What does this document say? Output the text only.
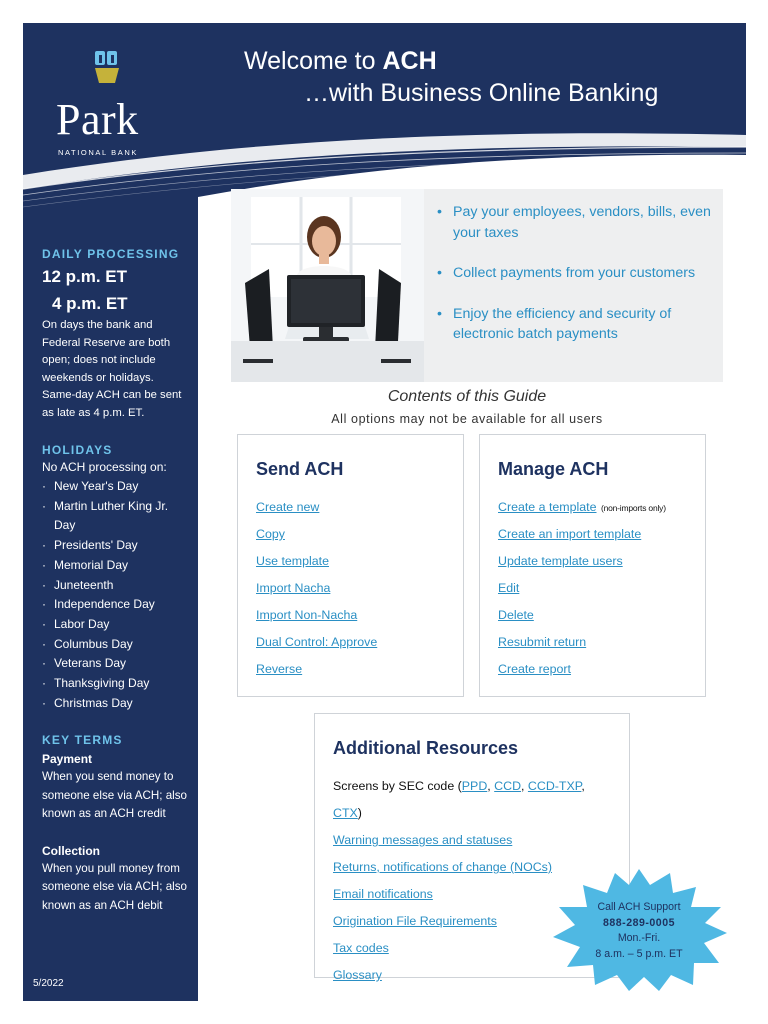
Park
NATIONAL BANK
Welcome to ACH
…with Business Online Banking
DAILY PROCESSING
12 p.m. ET
4 p.m. ET
On days the bank and Federal Reserve are both open; does not include weekends or holidays. Same-day ACH can be sent as late as 4 p.m. ET.
HOLIDAYS
No ACH processing on:
· New Year's Day
· Martin Luther King Jr. Day
· Presidents' Day
· Memorial Day
· Juneteenth
· Independence Day
· Labor Day
· Columbus Day
· Veterans Day
· Thanksgiving Day
· Christmas Day
KEY TERMS
Payment
When you send money to someone else via ACH; also known as an ACH credit
Collection
When you pull money from someone else via ACH; also known as an ACH debit
5/2022
• Pay your employees, vendors, bills, even your taxes
• Collect payments from your customers
• Enjoy the efficiency and security of electronic batch payments
Contents of this Guide
All options may not be available for all users
Send ACH
Create new
Copy
Use template
Import Nacha
Import Non-Nacha
Dual Control: Approve
Reverse
Manage ACH
Create a template (non-imports only)
Create an import template
Update template users
Edit
Delete
Resubmit return
Create report
Additional Resources
Screens by SEC code (PPD, CCD, CCD-TXP, CTX)
Warning messages and statuses
Returns, notifications of change (NOCs)
Email notifications
Origination File Requirements
Tax codes
Glossary
Call ACH Support
888-289-0005
Mon.-Fri.
8 a.m. – 5 p.m. ET
